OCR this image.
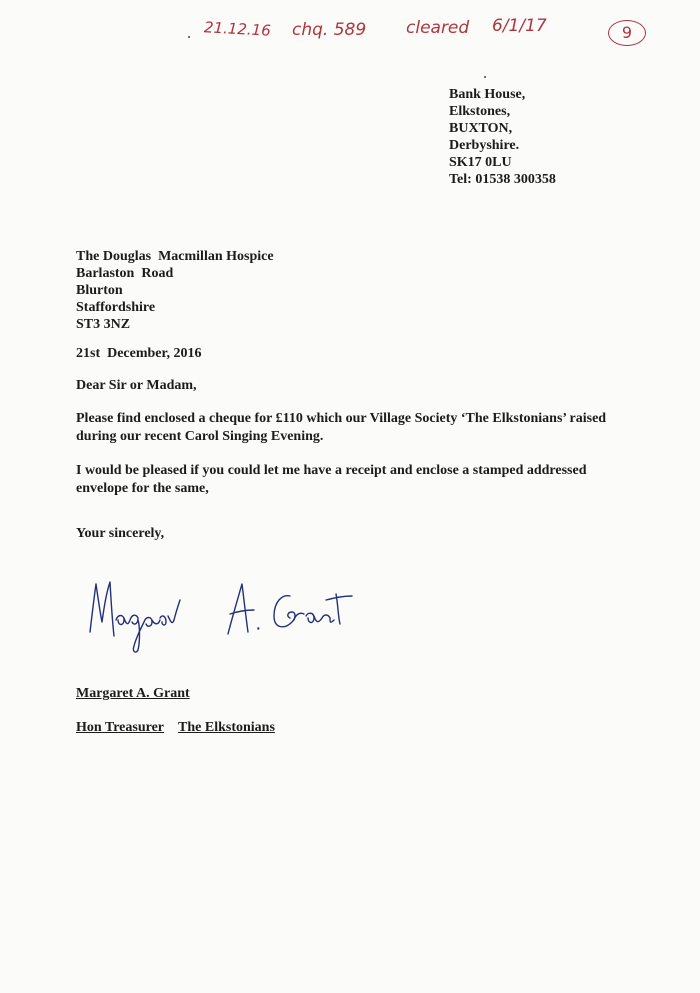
21.12.16 chq. 589 cleared 6/1/17	9
Bank House,
Elkstones,
BUXTON,
Derbyshire.
SK17 0LU
Tel: 01538 300358
The Douglas  Macmillan Hospice
Barlaston  Road
Blurton
Staffordshire
ST3 3NZ
21st  December, 2016
Dear Sir or Madam,
Please find enclosed a cheque for £110 which our Village Society ‘The Elkstonians’ raised during our recent Carol Singing Evening.
I would be pleased if you could let me have a receipt and enclose a stamped addressed envelope for the same,
Your sincerely,
Margaret A. Grant
Hon Treasurer The Elkstonians
